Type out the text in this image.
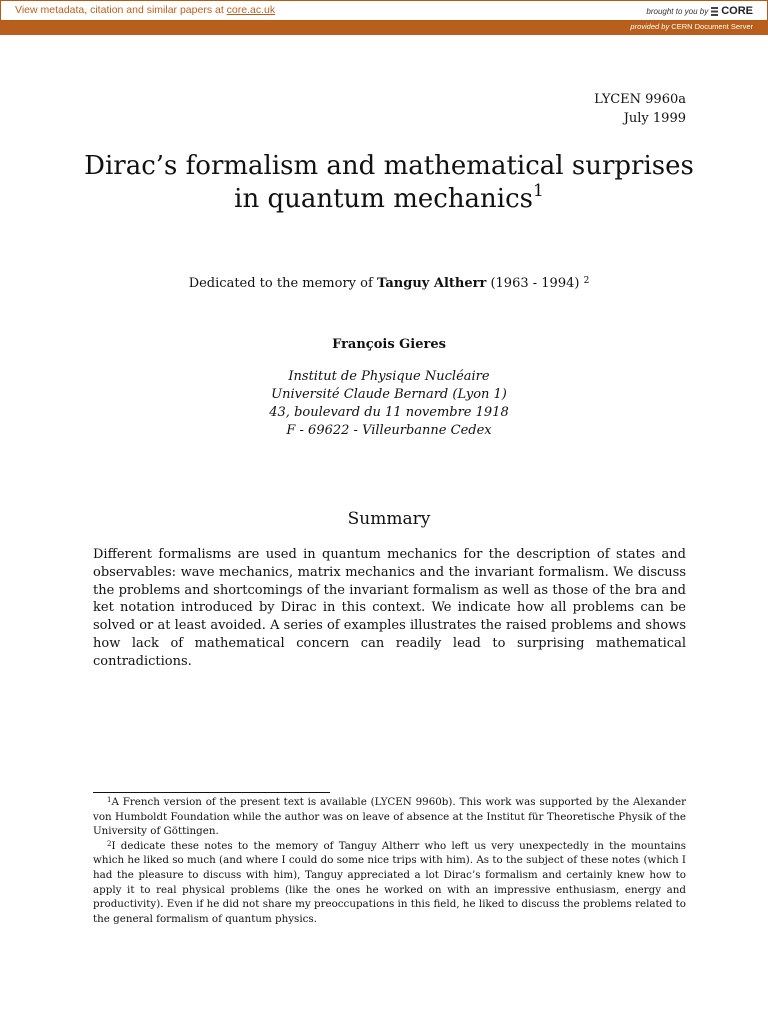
View metadata, citation and similar papers at core.ac.uk	brought to you by CORE
provided by CERN Document Server
LYCEN 9960a
July 1999
Dirac’s formalism and mathematical surprises
in quantum mechanics$^1$
Dedicated to the memory of Tanguy Altherr (1963 - 1994) $^2$
François Gieres
Institut de Physique Nucléaire
Université Claude Bernard (Lyon 1)
43, boulevard du 11 novembre 1918
F - 69622 - Villeurbanne Cedex
Summary

Different formalisms are used in quantum mechanics for the description of states and observables: wave mechanics, matrix mechanics and the invariant formalism. We discuss the problems and shortcomings of the invariant formalism as well as those of the bra and ket notation introduced by Dirac in this context. We indicate how all problems can be solved or at least avoided. A series of examples illustrates the raised problems and shows how lack of mathematical concern can readily lead to surprising mathematical contradictions.

$^1$A French version of the present text is available (LYCEN 9960b). This work was supported by the Alexander von Humboldt Foundation while the author was on leave of absence at the Institut für Theoretische Physik of the University of Göttingen.

$^2$I dedicate these notes to the memory of Tanguy Altherr who left us very unexpectedly in the mountains which he liked so much (and where I could do some nice trips with him). As to the subject of these notes (which I had the pleasure to discuss with him), Tanguy appreciated a lot Dirac’s formalism and certainly knew how to apply it to real physical problems (like the ones he worked on with an impressive enthusiasm, energy and productivity). Even if he did not share my preoccupations in this field, he liked to discuss the problems related to the general formalism of quantum physics.
